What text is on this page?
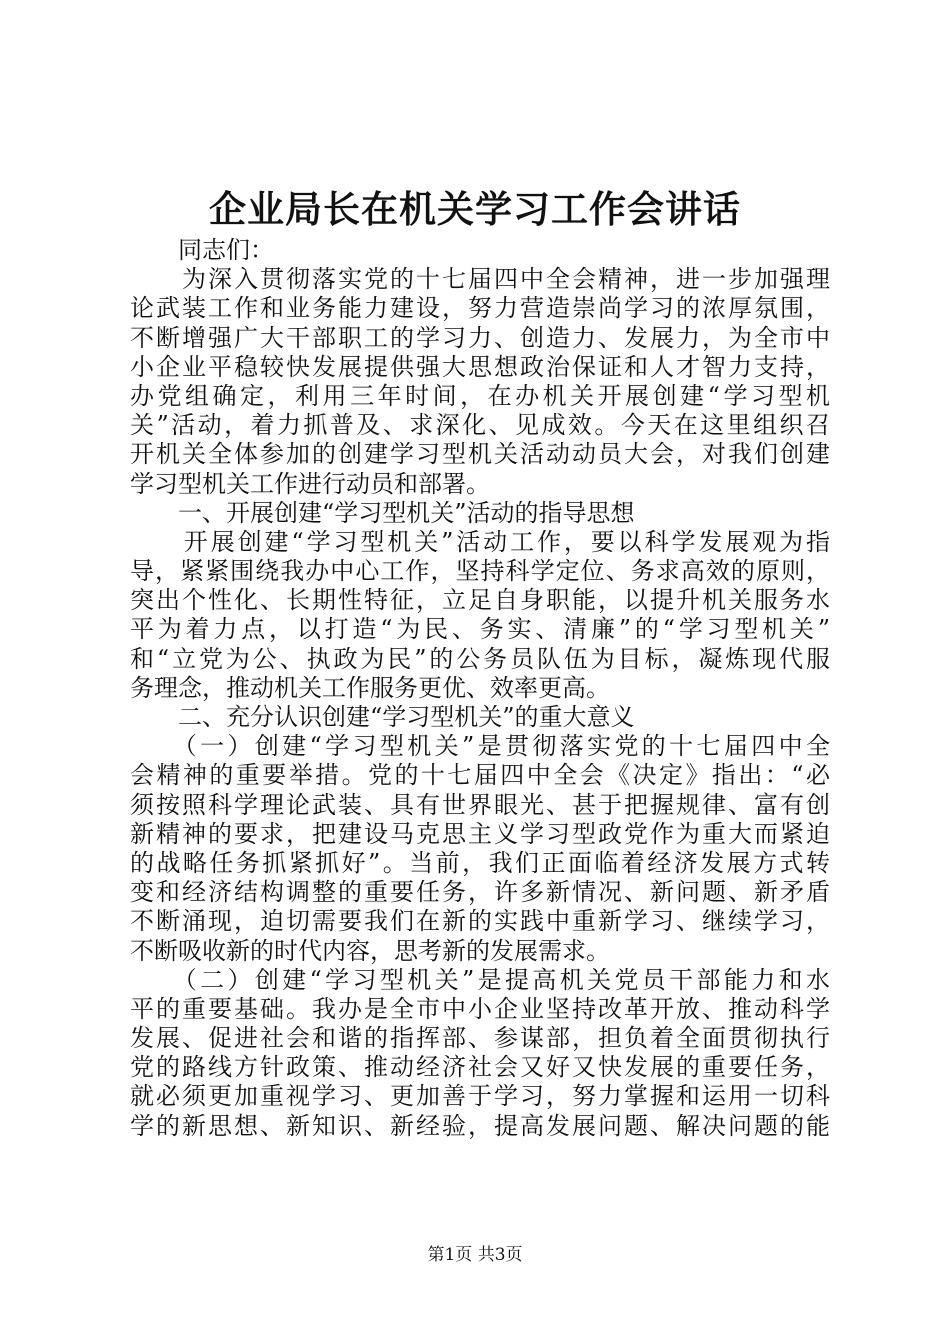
企业局长在机关学习工作会讲话
　　同志们：
　　为深入贯彻落实党的十七届四中全会精神，进一步加强理
论武装工作和业务能力建设，努力营造崇尚学习的浓厚氛围，
不断增强广大干部职工的学习力、创造力、发展力，为全市中
小企业平稳较快发展提供强大思想政治保证和人才智力支持，
办党组确定，利用三年时间，在办机关开展创建“学习型机
关”活动，着力抓普及、求深化、见成效。今天在这里组织召
开机关全体参加的创建学习型机关活动动员大会，对我们创建
学习型机关工作进行动员和部署。
　　一、开展创建“学习型机关”活动的指导思想
　　开展创建“学习型机关”活动工作，要以科学发展观为指
导，紧紧围绕我办中心工作，坚持科学定位、务求高效的原则，
突出个性化、长期性特征，立足自身职能，以提升机关服务水
平为着力点，以打造“为民、务实、清廉”的“学习型机关”
和“立党为公、执政为民”的公务员队伍为目标，凝炼现代服
务理念，推动机关工作服务更优、效率更高。
　　二、充分认识创建“学习型机关”的重大意义
　　（一）创建“学习型机关”是贯彻落实党的十七届四中全
会精神的重要举措。党的十七届四中全会《决定》指出：“必
须按照科学理论武装、具有世界眼光、甚于把握规律、富有创
新精神的要求，把建设马克思主义学习型政党作为重大而紧迫
的战略任务抓紧抓好”。当前，我们正面临着经济发展方式转
变和经济结构调整的重要任务，许多新情况、新问题、新矛盾
不断涌现，迫切需要我们在新的实践中重新学习、继续学习，
不断吸收新的时代内容，思考新的发展需求。
　　（二）创建“学习型机关”是提高机关党员干部能力和水
平的重要基础。我办是全市中小企业坚持改革开放、推动科学
发展、促进社会和谐的指挥部、参谋部，担负着全面贯彻执行
党的路线方针政策、推动经济社会又好又快发展的重要任务，
就必须更加重视学习、更加善于学习，努力掌握和运用一切科
学的新思想、新知识、新经验，提高发展问题、解决问题的能
第1页 共3页
